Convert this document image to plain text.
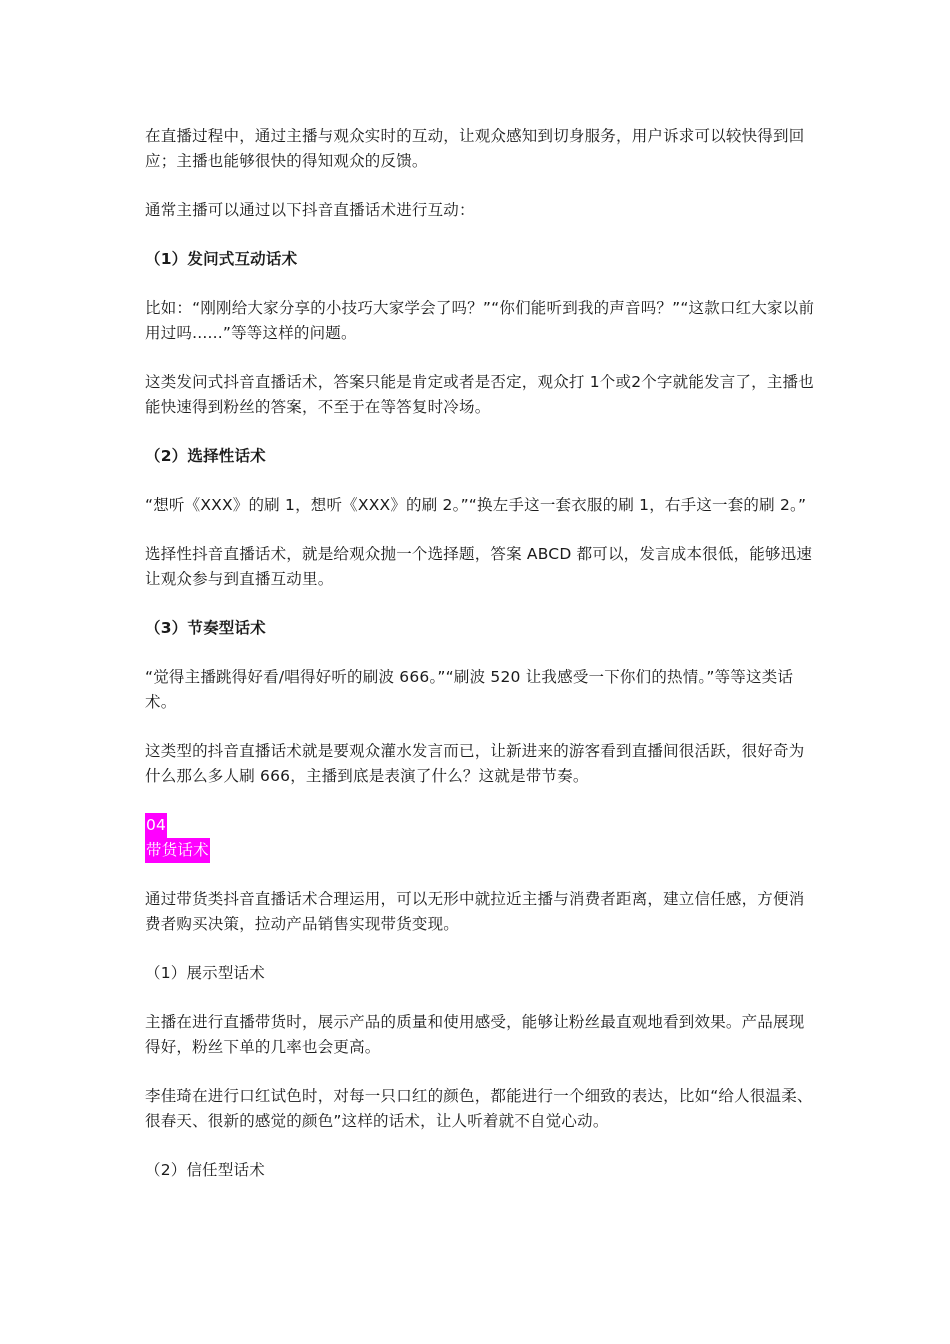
在直播过程中，通过主播与观众实时的互动，让观众感知到切身服务，用户诉求可以较快得到回应；主播也能够很快的得知观众的反馈。

通常主播可以通过以下抖音直播话术进行互动：

（1）发问式互动话术

比如：“刚刚给大家分享的小技巧大家学会了吗？”“你们能听到我的声音吗？”“这款口红大家以前用过吗......”等等这样的问题。

这类发问式抖音直播话术，答案只能是肯定或者是否定，观众打 1个或2个字就能发言了，主播也能快速得到粉丝的答案，不至于在等答复时冷场。

（2）选择性话术

“想听《XXX》的刷 1，想听《XXX》的刷 2。”“换左手这一套衣服的刷 1，右手这一套的刷 2。”

选择性抖音直播话术，就是给观众抛一个选择题，答案 ABCD 都可以，发言成本很低，能够迅速让观众参与到直播互动里。

（3）节奏型话术

“觉得主播跳得好看/唱得好听的刷波 666。”“刷波 520 让我感受一下你们的热情。”等等这类话术。

这类型的抖音直播话术就是要观众灌水发言而已，让新进来的游客看到直播间很活跃，很好奇为什么那么多人刷 666，主播到底是表演了什么？这就是带节奏。

04

带货话术

通过带货类抖音直播话术合理运用，可以无形中就拉近主播与消费者距离，建立信任感，方便消费者购买决策，拉动产品销售实现带货变现。

（1）展示型话术

主播在进行直播带货时，展示产品的质量和使用感受，能够让粉丝最直观地看到效果。产品展现得好，粉丝下单的几率也会更高。

李佳琦在进行口红试色时，对每一只口红的颜色，都能进行一个细致的表达，比如“给人很温柔、很春天、很新的感觉的颜色”这样的话术，让人听着就不自觉心动。

（2）信任型话术
